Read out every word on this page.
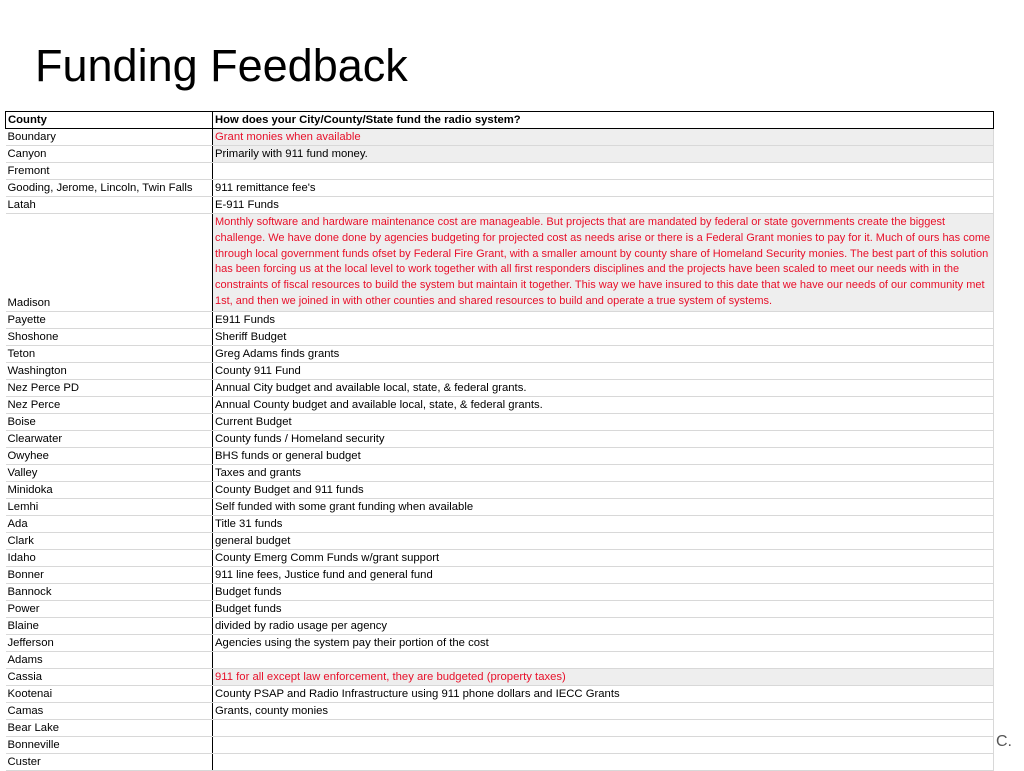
Funding Feedback
County	How does your City/County/State fund the radio system?
Boundary	Grant monies when available
Canyon	Primarily with 911 fund money.
Fremont	
Gooding, Jerome, Lincoln, Twin Falls	911 remittance fee's
Latah	E-911 Funds
Madison	Monthly software and hardware maintenance cost are manageable. But projects that are mandated by federal or state governments create the biggest challenge. We have done done by agencies budgeting for projected cost as needs arise or there is a Federal Grant monies to pay for it. Much of ours has come through local government funds ofset by Federal Fire Grant, with a smaller amount by county share of Homeland Security monies. The best part of this solution has been forcing us at the local level to work together with all first responders disciplines and the projects have been scaled to meet our needs with in the constraints of fiscal resources to build the system but maintain it together. This way we have insured to this date that we have our needs of our community met 1st, and then we joined in with other counties and shared resources to build and operate a true system of systems.
Payette	E911 Funds
Shoshone	Sheriff Budget
Teton	Greg Adams finds grants
Washington	County 911 Fund
Nez Perce PD	Annual City budget and available local, state, & federal grants.
Nez Perce	Annual County budget and available local, state, & federal grants.
Boise	Current Budget
Clearwater	County funds / Homeland security
Owyhee	BHS funds or general budget
Valley	Taxes and grants
Minidoka	County Budget and 911 funds
Lemhi	Self funded with some grant funding when available
Ada	Title 31 funds
Clark	general budget
Idaho	County Emerg Comm Funds w/grant support
Bonner	911 line fees, Justice fund and general fund
Bannock	Budget funds
Power	Budget funds
Blaine	divided by radio usage per agency
Jefferson	Agencies using the system pay their portion of the cost
Adams	
Cassia	911 for all except law enforcement, they are budgeted (property taxes)
Kootenai	County PSAP and Radio Infrastructure using 911 phone dollars and IECC Grants
Camas	Grants, county monies
Bear Lake	
Bonneville	
Custer	
C.
